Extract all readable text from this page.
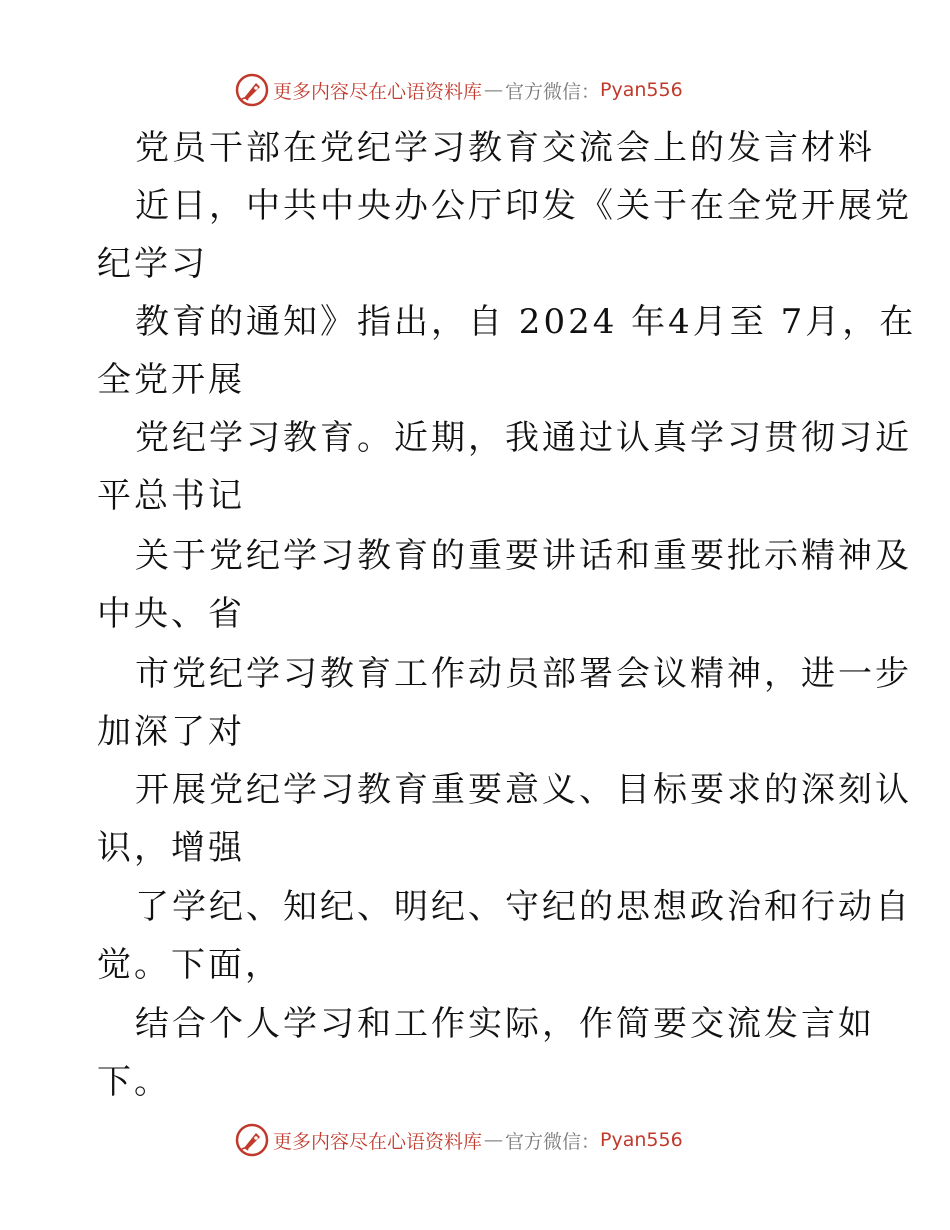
更多内容尽在心语资料库 — 官方微信： Pyan556

党员干部在党纪学习教育交流会上的发言材料

近日，中共中央办公厅印发《关于在全党开展党

纪学习

教育的通知》指出，自 2024 年4月至 7月，在

全党开展

党纪学习教育。近期，我通过认真学习贯彻习近

平总书记

关于党纪学习教育的重要讲话和重要批示精神及

中央、省

市党纪学习教育工作动员部署会议精神，进一步

加深了对

开展党纪学习教育重要意义、目标要求的深刻认

识，增强

了学纪、知纪、明纪、守纪的思想政治和行动自

觉。下面，

结合个人学习和工作实际，作简要交流发言如

下。

更多内容尽在心语资料库 — 官方微信： Pyan556
